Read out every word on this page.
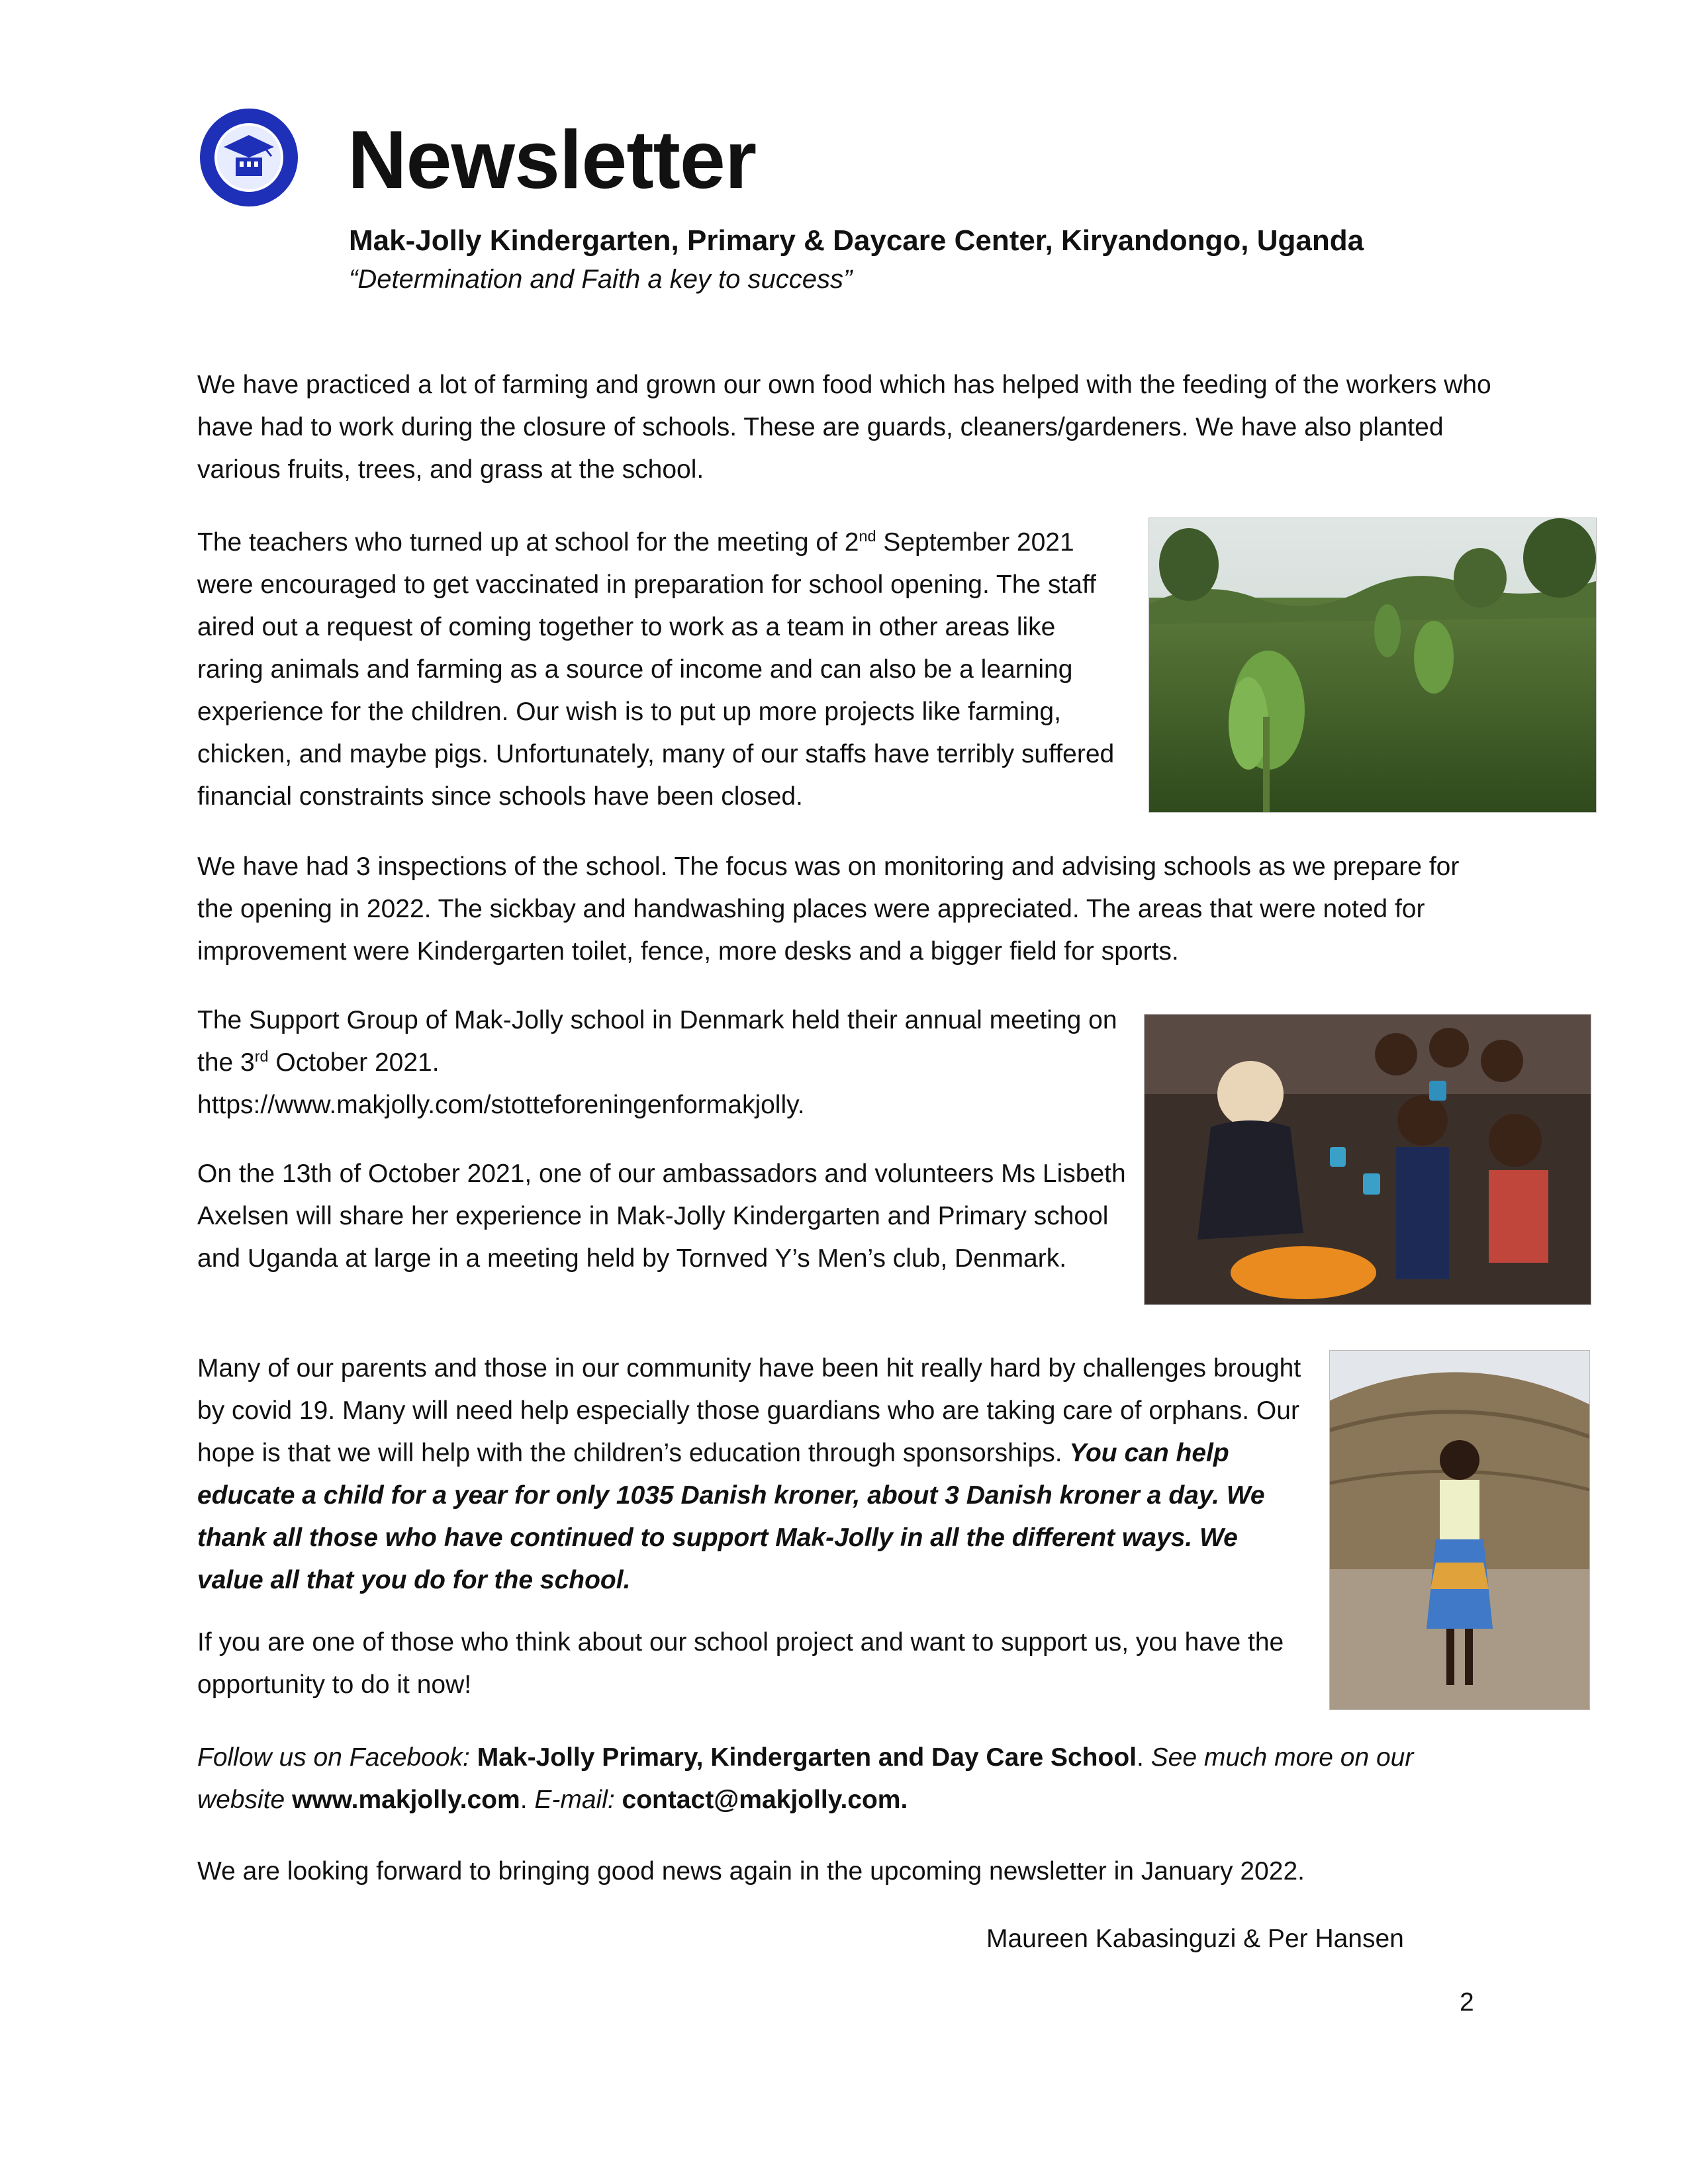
Newsletter
Mak-Jolly Kindergarten, Primary & Daycare Center, Kiryandongo, Uganda
“Determination and Faith a key to success”

We have practiced a lot of farming and grown our own food which has helped with the feeding of the workers who have had to work during the closure of schools. These are guards, cleaners/gardeners. We have also planted various fruits, trees, and grass at the school.

The teachers who turned up at school for the meeting of 2nd September 2021 were encouraged to get vaccinated in preparation for school opening. The staff aired out a request of coming together to work as a team in other areas like raring animals and farming as a source of income and can also be a learning experience for the children. Our wish is to put up more projects like farming, chicken, and maybe pigs. Unfortunately, many of our staffs have terribly suffered financial constraints since schools have been closed.

We have had 3 inspections of the school. The focus was on monitoring and advising schools as we prepare for the opening in 2022. The sickbay and handwashing places were appreciated. The areas that were noted for improvement were Kindergarten toilet, fence, more desks and a bigger field for sports.

The Support Group of Mak-Jolly school in Denmark held their annual meeting on the 3rd October 2021.
https://www.makjolly.com/stotteforeningenformakjolly.

On the 13th of October 2021, one of our ambassadors and volunteers Ms Lisbeth Axelsen will share her experience in Mak-Jolly Kindergarten and Primary school and Uganda at large in a meeting held by Tornved Y’s Men’s club, Denmark.

Many of our parents and those in our community have been hit really hard by challenges brought by covid 19. Many will need help especially those guardians who are taking care of orphans. Our hope is that we will help with the children’s education through sponsorships. You can help educate a child for a year for only 1035 Danish kroner, about 3 Danish kroner a day. We thank all those who have continued to support Mak-Jolly in all the different ways. We value all that you do for the school.

If you are one of those who think about our school project and want to support us, you have the opportunity to do it now!

Follow us on Facebook: Mak-Jolly Primary, Kindergarten and Day Care School. See much more on our website www.makjolly.com. E-mail: contact@makjolly.com.

We are looking forward to bringing good news again in the upcoming newsletter in January 2022.

Maureen Kabasinguzi & Per Hansen
2
